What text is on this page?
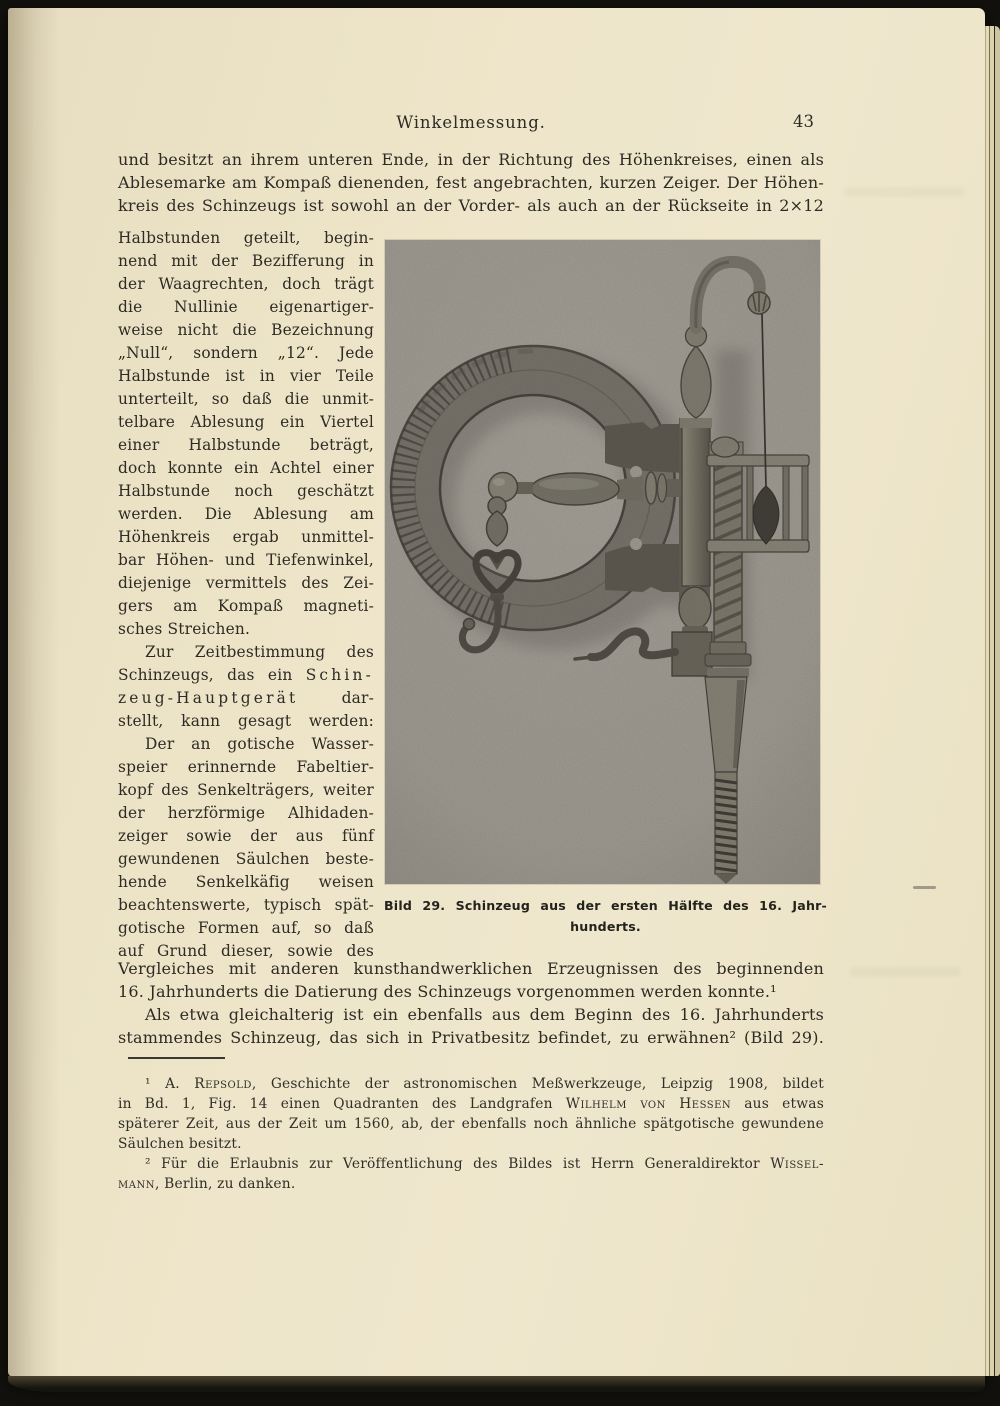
Winkelmessung.	43
und besitzt an ihrem unteren Ende, in der Richtung des Höhenkreises, einen als
Ablesemarke am Kompaß dienenden, fest angebrachten, kurzen Zeiger. Der Höhen-
kreis des Schinzeugs ist sowohl an der Vorder- als auch an der Rückseite in 2×12
Halbstunden geteilt, begin-
nend mit der Bezifferung in
der Waagrechten, doch trägt
die Nullinie eigenartiger-
weise nicht die Bezeichnung
„Null“, sondern „12“. Jede
Halbstunde ist in vier Teile
unterteilt, so daß die unmit-
telbare Ablesung ein Viertel
einer Halbstunde beträgt,
doch konnte ein Achtel einer
Halbstunde noch geschätzt
werden. Die Ablesung am
Höhenkreis ergab unmittel-
bar Höhen- und Tiefenwinkel,
diejenige vermittels des Zei-
gers am Kompaß magneti-
sches Streichen.
Zur Zeitbestimmung des
Schinzeugs, das ein Schin-
zeug-Hauptgerät	dar-
stellt, kann gesagt werden:
Der an gotische Wasser-
speier erinnernde Fabeltier-
kopf des Senkelträgers, weiter
der herzförmige Alhidaden-
zeiger sowie der aus fünf
gewundenen Säulchen beste-
hende Senkelkäfig weisen
beachtenswerte, typisch spät-
gotische Formen auf, so daß
auf Grund dieser, sowie des
Bild 29. Schinzeug aus der ersten Hälfte des 16. Jahr-
hunderts.
Vergleiches mit anderen kunsthandwerklichen Erzeugnissen des beginnenden
16. Jahrhunderts die Datierung des Schinzeugs vorgenommen werden konnte.¹
Als etwa gleichalterig ist ein ebenfalls aus dem Beginn des 16. Jahrhunderts
stammendes Schinzeug, das sich in Privatbesitz befindet, zu erwähnen² (Bild 29).
¹ A. Repsold, Geschichte der astronomischen Meßwerkzeuge, Leipzig 1908, bildet
in Bd. 1, Fig. 14 einen Quadranten des Landgrafen Wilhelm von Hessen aus etwas
späterer Zeit, aus der Zeit um 1560, ab, der ebenfalls noch ähnliche spätgotische gewundene
Säulchen besitzt.
² Für die Erlaubnis zur Veröffentlichung des Bildes ist Herrn Generaldirektor Wissel-
mann, Berlin, zu danken.
